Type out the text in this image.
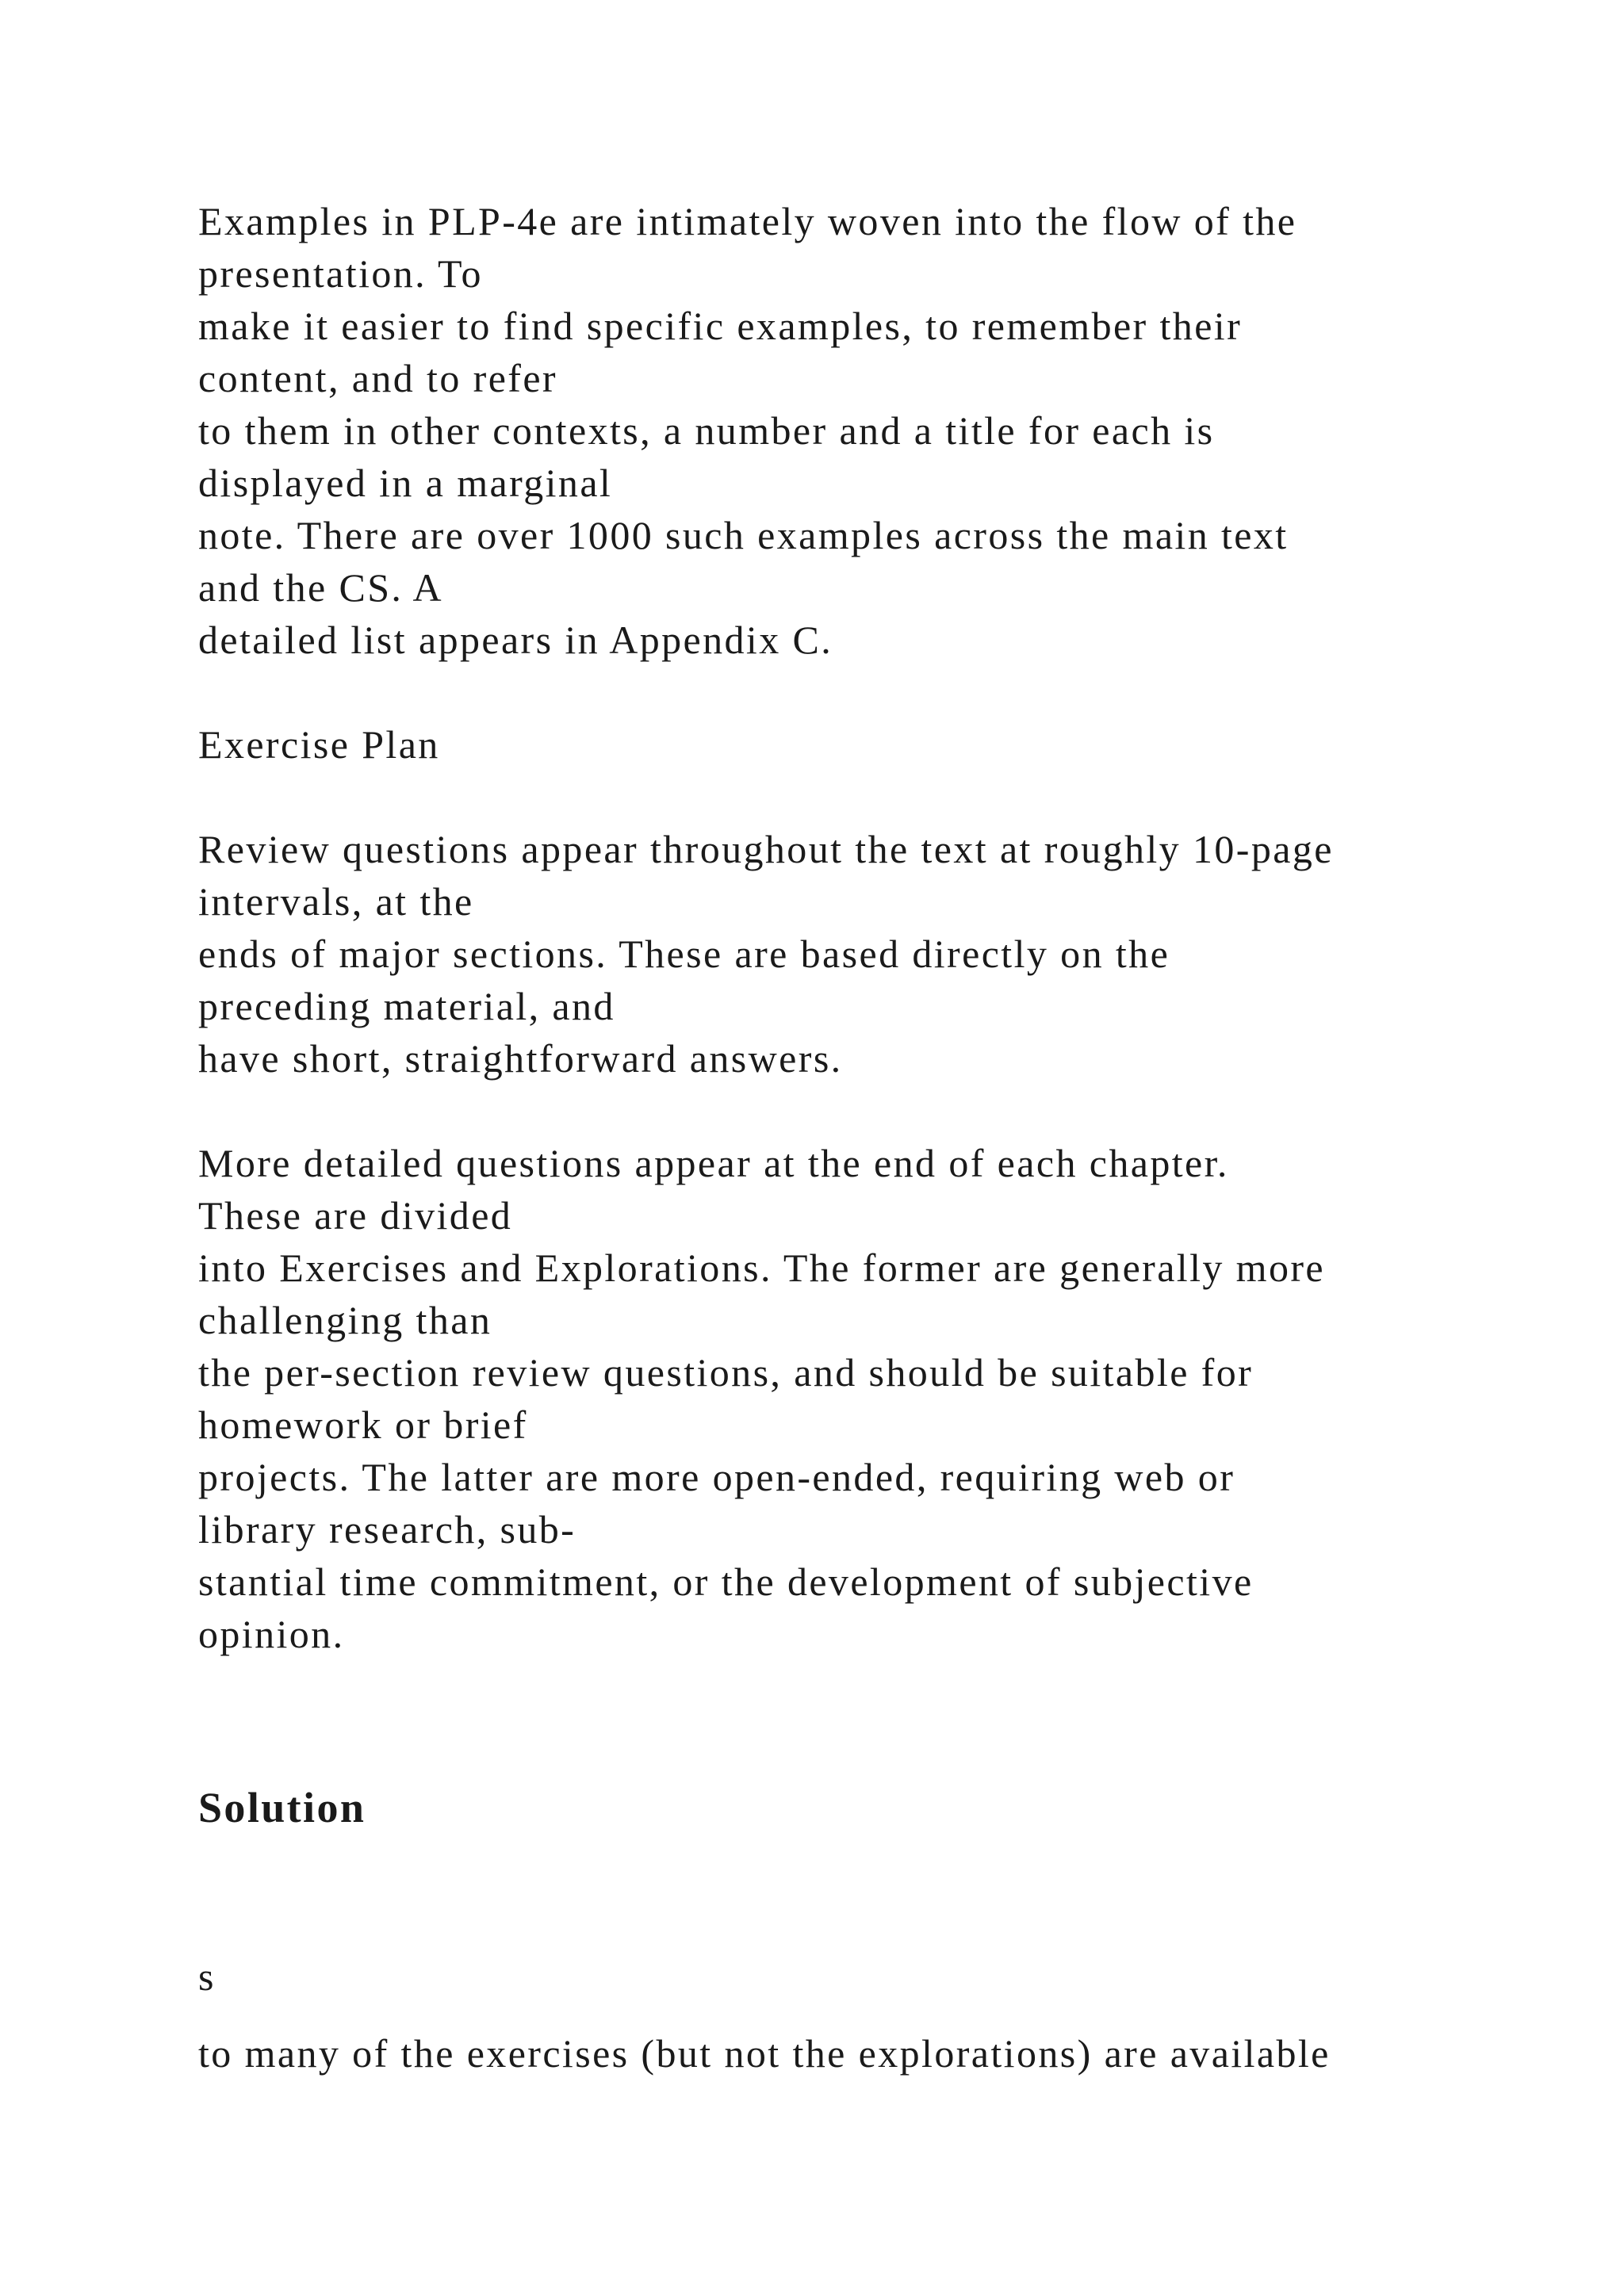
Examples in PLP-4e are intimately woven into the flow of the
presentation. To
make it easier to find specific examples, to remember their
content, and to refer
to them in other contexts, a number and a title for each is
displayed in a marginal
note. There are over 1000 such examples across the main text
and the CS. A
detailed list appears in Appendix C.
Exercise Plan
Review questions appear throughout the text at roughly 10-page
intervals, at the
ends of major sections. These are based directly on the
preceding material, and
have short, straightforward answers.
More detailed questions appear at the end of each chapter.
These are divided
into Exercises and Explorations. The former are generally more
challenging than
the per-section review questions, and should be suitable for
homework or brief
projects. The latter are more open-ended, requiring web or
library research, sub-
stantial time commitment, or the development of subjective
opinion.
Solution
s
to many of the exercises (but not the explorations) are available
